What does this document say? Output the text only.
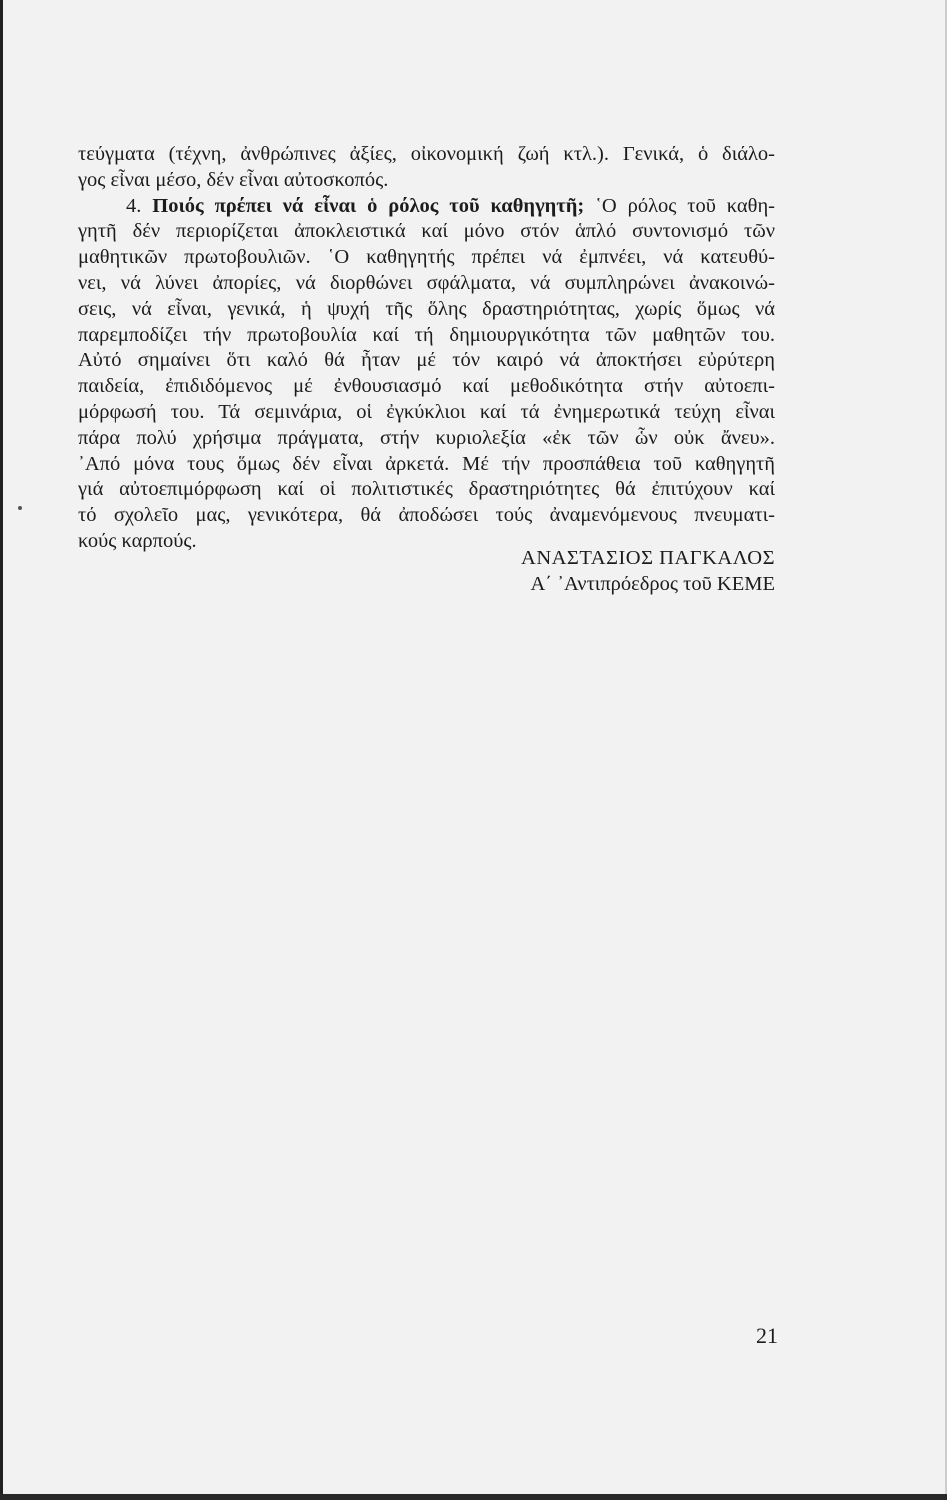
τεύγματα (τέχνη, ἀνθρώπινες ἀξίες, οἰκονομική ζωή κτλ.). Γενικά, ὁ διάλο-
γος εἶναι μέσο, δέν εἶναι αὐτοσκοπός.
4. Ποιός πρέπει νά εἶναι ὁ ρόλος τοῦ καθηγητῆ; ῾Ο ρόλος τοῦ καθη-
γητῆ δέν περιορίζεται ἀποκλειστικά καί μόνο στόν ἁπλό συντονισμό τῶν
μαθητικῶν πρωτοβουλιῶν. ῾Ο καθηγητής πρέπει νά ἐμπνέει, νά κατευθύ-
νει, νά λύνει ἀπορίες, νά διορθώνει σφάλματα, νά συμπληρώνει ἀνακοινώ-
σεις, νά εἶναι, γενικά, ἡ ψυχή τῆς ὅλης δραστηριότητας, χωρίς ὅμως νά
παρεμποδίζει τήν πρωτοβουλία καί τή δημιουργικότητα τῶν μαθητῶν του.
Αὐτό σημαίνει ὅτι καλό θά ἦταν μέ τόν καιρό νά ἀποκτήσει εὐρύτερη
παιδεία, ἐπιδιδόμενος μέ ἐνθουσιασμό καί μεθοδικότητα στήν αὐτοεπι-
μόρφωσή του. Τά σεμινάρια, οἱ ἐγκύκλιοι καί τά ἐνημερωτικά τεύχη εἶναι
πάρα πολύ χρήσιμα πράγματα, στήν κυριολεξία «ἐκ τῶν ὧν οὐκ ἄνευ».
᾿Από μόνα τους ὅμως δέν εἶναι ἀρκετά. Μέ τήν προσπάθεια τοῦ καθηγητῆ
γιά αὐτοεπιμόρφωση καί οἱ πολιτιστικές δραστηριότητες θά ἐπιτύχουν καί
τό σχολεῖο μας, γενικότερα, θά ἀποδώσει τούς ἀναμενόμενους πνευματι-
κούς καρπούς.
ΑΝΑΣΤΑΣΙΟΣ ΠΑΓΚΑΛΟΣ
Α΄ ᾿Αντιπρόεδρος τοῦ ΚΕΜΕ
21
